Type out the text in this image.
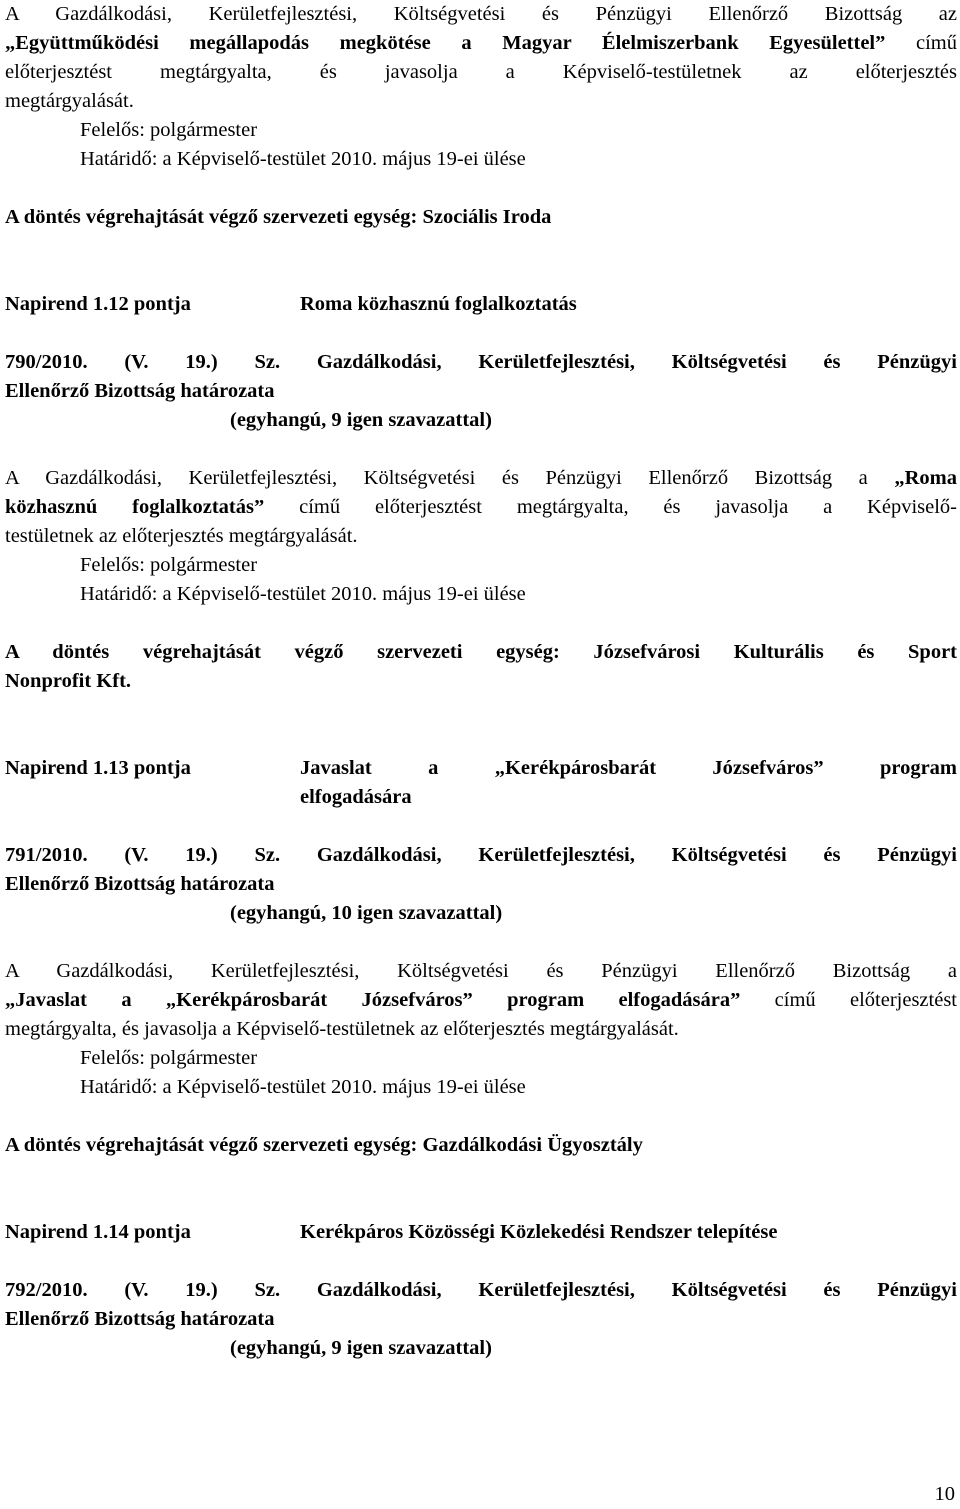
A Gazdálkodási, Kerületfejlesztési, Költségvetési és Pénzügyi Ellenőrző Bizottság az
„Együttműködési megállapodás megkötése a Magyar Élelmiszerbank Egyesülettel” című
előterjesztést megtárgyalta, és javasolja a Képviselő-testületnek az előterjesztés
megtárgyalását.
Felelős: polgármester
Határidő: a Képviselő-testület 2010. május 19-ei ülése
A döntés végrehajtását végző szervezeti egység: Szociális Iroda
Napirend 1.12 pontja	Roma közhasznú foglalkoztatás
790/2010. (V. 19.) Sz. Gazdálkodási, Kerületfejlesztési, Költségvetési és Pénzügyi
Ellenőrző Bizottság határozata
(egyhangú, 9 igen szavazattal)
A Gazdálkodási, Kerületfejlesztési, Költségvetési és Pénzügyi Ellenőrző Bizottság a „Roma
közhasznú foglalkoztatás” című előterjesztést megtárgyalta, és javasolja a Képviselő-
testületnek az előterjesztés megtárgyalását.
Felelős: polgármester
Határidő: a Képviselő-testület 2010. május 19-ei ülése
A döntés végrehajtását végző szervezeti egység: Józsefvárosi Kulturális és Sport
Nonprofit Kft.
Napirend 1.13 pontja	Javaslat a „Kerékpárosbarát Józsefváros” program
elfogadására
791/2010. (V. 19.) Sz. Gazdálkodási, Kerületfejlesztési, Költségvetési és Pénzügyi
Ellenőrző Bizottság határozata
(egyhangú, 10 igen szavazattal)
A Gazdálkodási, Kerületfejlesztési, Költségvetési és Pénzügyi Ellenőrző Bizottság a
„Javaslat a „Kerékpárosbarát Józsefváros” program elfogadására” című előterjesztést
megtárgyalta, és javasolja a Képviselő-testületnek az előterjesztés megtárgyalását.
Felelős: polgármester
Határidő: a Képviselő-testület 2010. május 19-ei ülése
A döntés végrehajtását végző szervezeti egység: Gazdálkodási Ügyosztály
Napirend 1.14 pontja	Kerékpáros Közösségi Közlekedési Rendszer telepítése
792/2010. (V. 19.) Sz. Gazdálkodási, Kerületfejlesztési, Költségvetési és Pénzügyi
Ellenőrző Bizottság határozata
(egyhangú, 9 igen szavazattal)
10
